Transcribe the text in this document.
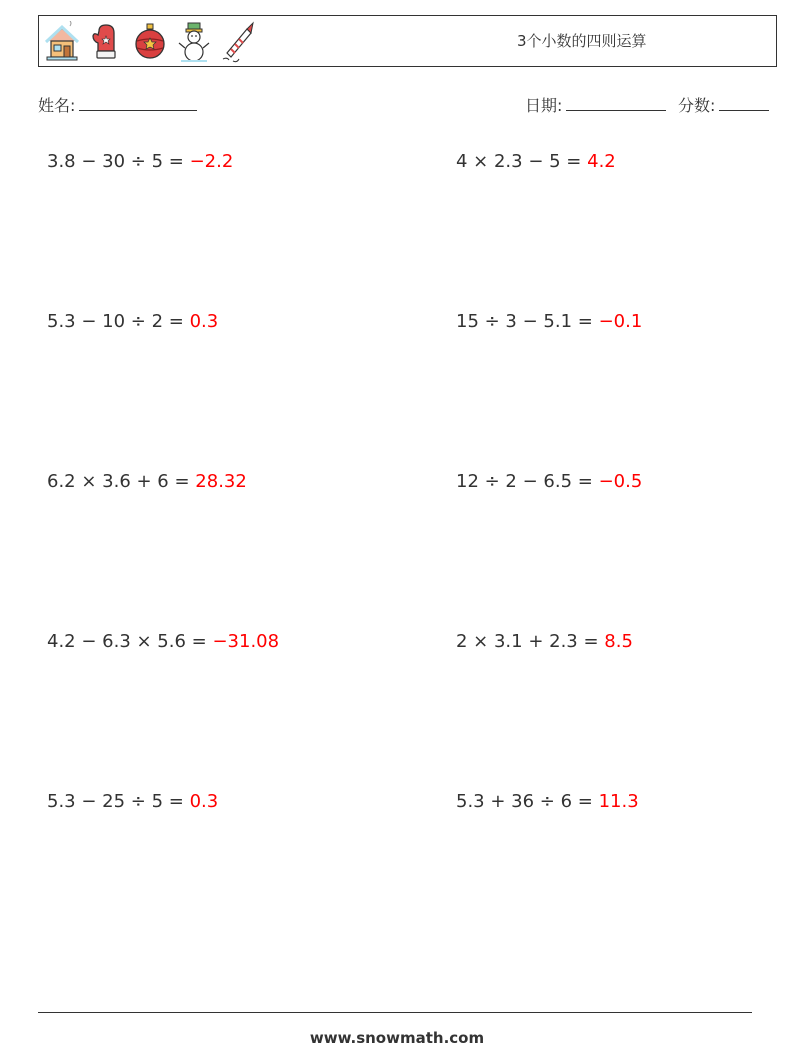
3个小数的四则运算
姓名:	日期:	分数:
3.8 − 30 ÷ 5 = −2.2	4 × 2.3 − 5 = 4.2
5.3 − 10 ÷ 2 = 0.3	15 ÷ 3 − 5.1 = −0.1
6.2 × 3.6 + 6 = 28.32	12 ÷ 2 − 6.5 = −0.5
4.2 − 6.3 × 5.6 = −31.08	2 × 3.1 + 2.3 = 8.5
5.3 − 25 ÷ 5 = 0.3	5.3 + 36 ÷ 6 = 11.3
www.snowmath.com
